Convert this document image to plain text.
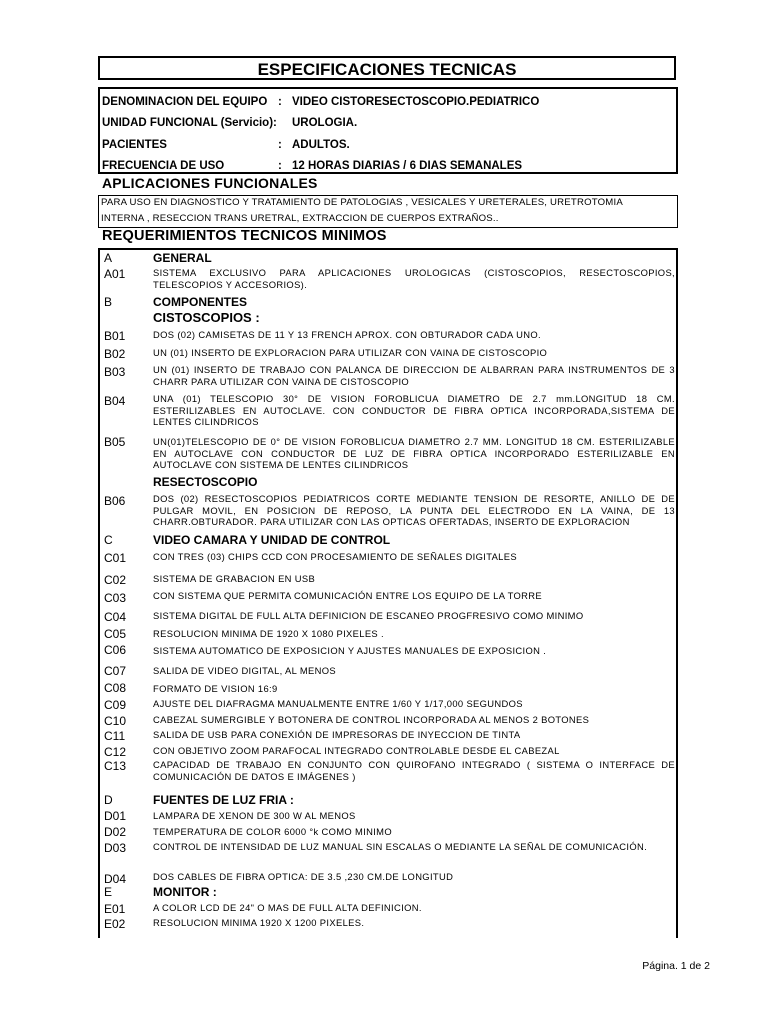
ESPECIFICACIONES TECNICAS
DENOMINACION DEL EQUIPO : VIDEO CISTORESECTOSCOPIO.PEDIATRICO
UNIDAD FUNCIONAL (Servicio): UROLOGIA.
PACIENTES	: ADULTOS.
FRECUENCIA DE USO	: 12 HORAS DIARIAS / 6 DIAS SEMANALES
APLICACIONES FUNCIONALES
PARA USO EN DIAGNOSTICO Y TRATAMIENTO DE PATOLOGIAS , VESICALES Y URETERALES, URETROTOMIA
INTERNA , RESECCION TRANS URETRAL, EXTRACCION DE CUERPOS EXTRAÑOS..
REQUERIMIENTOS TECNICOS MINIMOS
A	GENERAL
A01	SISTEMA EXCLUSIVO PARA APLICACIONES UROLOGICAS (CISTOSCOPIOS, RESECTOSCOPIOS, TELESCOPIOS Y ACCESORIOS).
B	COMPONENTES
CISTOSCOPIOS :
B01	DOS (02) CAMISETAS DE 11 Y 13 FRENCH APROX. CON OBTURADOR CADA UNO.
B02	UN (01) INSERTO DE EXPLORACION PARA UTILIZAR CON VAINA DE CISTOSCOPIO
B03	UN (01) INSERTO DE TRABAJO CON PALANCA DE DIRECCION DE ALBARRAN PARA INSTRUMENTOS DE 3 CHARR PARA UTILIZAR CON VAINA DE CISTOSCOPIO
B04	UNA (01) TELESCOPIO 30° DE VISION FOROBLICUA DIAMETRO DE 2.7 mm.LONGITUD 18 CM. ESTERILIZABLES EN AUTOCLAVE. CON CONDUCTOR DE FIBRA OPTICA INCORPORADA,SISTEMA DE LENTES CILINDRICOS
B05	UN(01)TELESCOPIO DE 0° DE VISION FOROBLICUA DIAMETRO 2.7 MM. LONGITUD 18 CM. ESTERILIZABLE EN AUTOCLAVE CON CONDUCTOR DE LUZ DE FIBRA OPTICA INCORPORADO ESTERILIZABLE EN AUTOCLAVE CON SISTEMA DE LENTES CILINDRICOS
RESECTOSCOPIO
B06	DOS (02) RESECTOSCOPIOS PEDIATRICOS CORTE MEDIANTE TENSION DE RESORTE, ANILLO DE DE PULGAR MOVIL, EN POSICION DE REPOSO, LA PUNTA DEL ELECTRODO EN LA VAINA, DE 13 CHARR.OBTURADOR. PARA UTILIZAR CON LAS OPTICAS OFERTADAS, INSERTO DE EXPLORACION
C	VIDEO CAMARA Y UNIDAD DE CONTROL
C01	CON TRES (03) CHIPS CCD CON PROCESAMIENTO DE SEÑALES DIGITALES
C02	SISTEMA DE GRABACION EN USB
C03	CON SISTEMA QUE PERMITA COMUNICACIÓN ENTRE LOS EQUIPO DE LA TORRE
C04	SISTEMA DIGITAL DE FULL ALTA DEFINICION DE ESCANEO PROGFRESIVO COMO MINIMO
C05	RESOLUCION MINIMA DE 1920 X 1080 PIXELES .
C06	SISTEMA AUTOMATICO DE EXPOSICION Y AJUSTES MANUALES DE EXPOSICION .
C07	SALIDA DE VIDEO DIGITAL, AL MENOS
C08	FORMATO DE VISION 16:9
C09	AJUSTE DEL DIAFRAGMA MANUALMENTE ENTRE 1/60 Y 1/17,000 SEGUNDOS
C10	CABEZAL SUMERGIBLE Y BOTONERA DE CONTROL INCORPORADA AL MENOS 2 BOTONES
C11	SALIDA DE USB PARA CONEXIÓN DE IMPRESORAS DE INYECCION DE TINTA
C12	CON OBJETIVO ZOOM PARAFOCAL INTEGRADO CONTROLABLE DESDE EL CABEZAL
C13	CAPACIDAD DE TRABAJO EN CONJUNTO CON QUIROFANO INTEGRADO ( SISTEMA O INTERFACE DE COMUNICACIÓN DE DATOS E IMÁGENES )
D	FUENTES DE LUZ FRIA :
D01	LAMPARA DE XENON DE 300 W AL MENOS
D02	TEMPERATURA DE COLOR 6000 °k COMO MINIMO
D03	CONTROL DE INTENSIDAD DE LUZ MANUAL SIN ESCALAS O MEDIANTE LA SEÑAL DE COMUNICACIÓN.
D04	DOS CABLES DE FIBRA OPTICA: DE 3.5 ,230 CM.DE LONGITUD
E	MONITOR :
E01	A COLOR LCD DE 24" O MAS DE FULL ALTA DEFINICION.
E02	RESOLUCION MINIMA 1920 X 1200 PIXELES.
Página. 1 de 2
